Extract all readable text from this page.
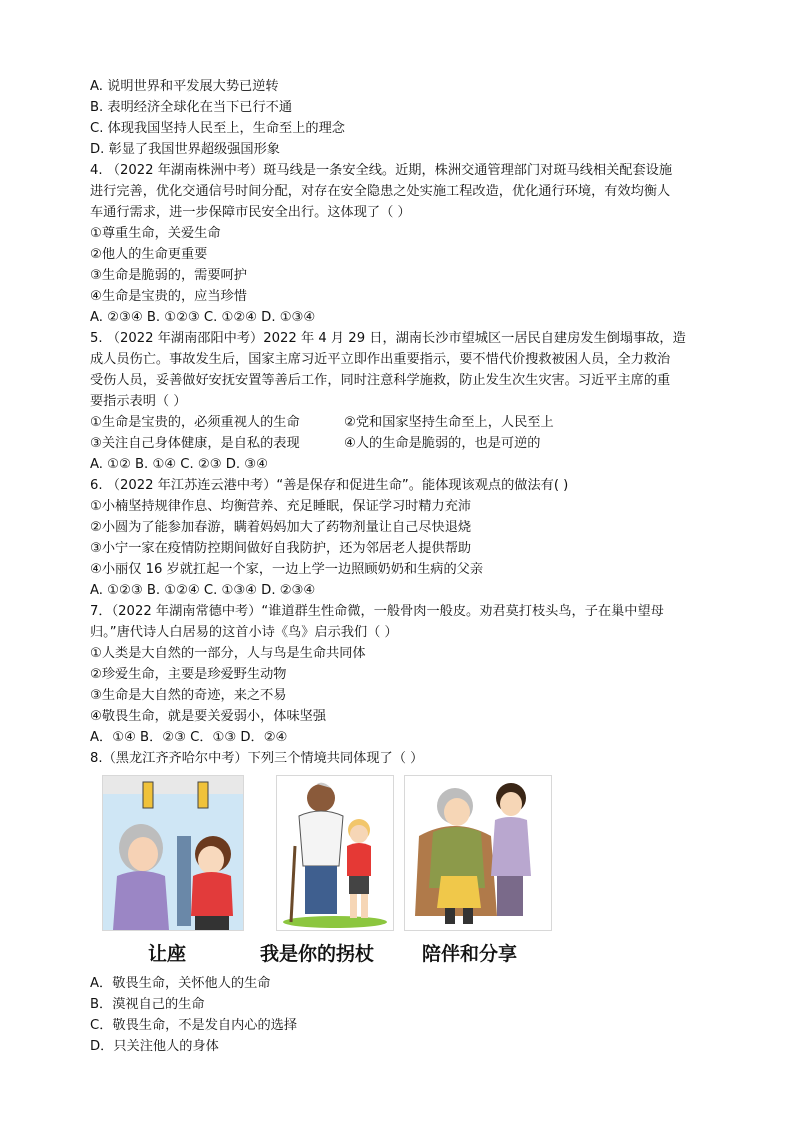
A. 说明世界和平发展大势已逆转
B. 表明经济全球化在当下已行不通
C. 体现我国坚持人民至上，生命至上的理念
D. 彰显了我国世界超级强国形象
4. （2022 年湖南株洲中考）斑马线是一条安全线。近期，株洲交通管理部门对斑马线相关配套设施
进行完善，优化交通信号时间分配，对存在安全隐患之处实施工程改造，优化通行环境，有效均衡人
车通行需求，进一步保障市民安全出行。这体现了（ ）
①尊重生命，关爱生命
②他人的生命更重要
③生命是脆弱的，需要呵护
④生命是宝贵的，应当珍惜
A. ②③④ B. ①②③ C. ①②④ D. ①③④
5. （2022 年湖南邵阳中考）2022 年 4 月 29 日，湖南长沙市望城区一居民自建房发生倒塌事故，造
成人员伤亡。事故发生后，国家主席习近平立即作出重要指示，要不惜代价搜救被困人员，全力救治
受伤人员，妥善做好安抚安置等善后工作，同时注意科学施救，防止发生次生灾害。习近平主席的重
要指示表明（ ）
①生命是宝贵的，必须重视人的生命	②党和国家坚持生命至上，人民至上
③关注自己身体健康，是自私的表现	④人的生命是脆弱的，也是可逆的
A. ①② B. ①④ C. ②③ D. ③④
6. （2022 年江苏连云港中考）“善是保存和促进生命”。能体现该观点的做法有( )
①小楠坚持规律作息、均衡营养、充足睡眠，保证学习时精力充沛
②小圆为了能参加春游，瞒着妈妈加大了药物剂量让自己尽快退烧
③小宁一家在疫情防控期间做好自我防护，还为邻居老人提供帮助
④小丽仅 16 岁就扛起一个家，一边上学一边照顾奶奶和生病的父亲
A. ①②③ B. ①②④ C. ①③④ D. ②③④
7．（2022 年湖南常德中考）“谁道群生性命微，一般骨肉一般皮。劝君莫打枝头鸟，子在巢中望母
归。”唐代诗人白居易的这首小诗《鸟》启示我们（ ）
①人类是大自然的一部分，人与鸟是生命共同体
②珍爱生命，主要是珍爱野生动物
③生命是大自然的奇迹，来之不易
④敬畏生命，就是要关爱弱小，体味坚强
A．①④ B．②③ C．①③ D．②④
8.（黑龙江齐齐哈尔中考）下列三个情境共同体现了（ ）
让座	我是你的拐杖	陪伴和分享
A．敬畏生命，关怀他人的生命
B．漠视自己的生命
C．敬畏生命，不是发自内心的选择
D．只关注他人的身体
